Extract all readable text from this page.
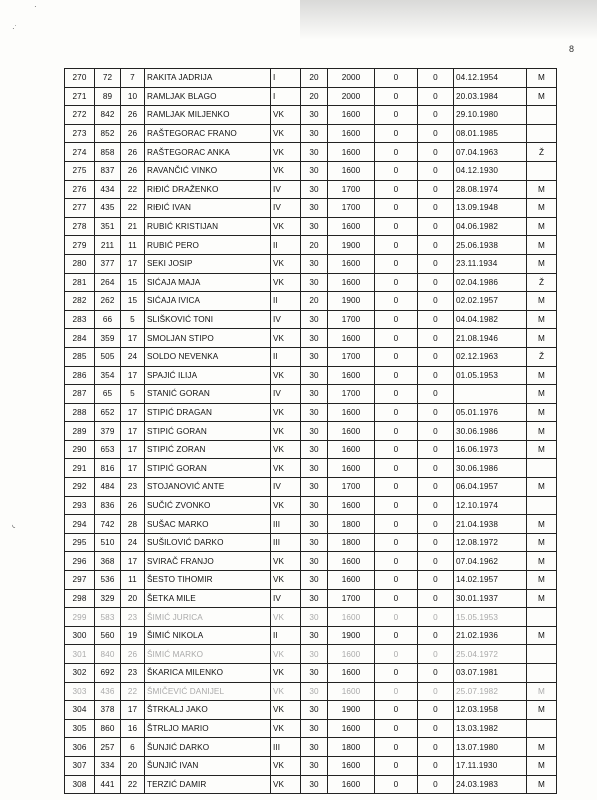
·
·˙
◟
8
270	72	7	RAKITA JADRIJA	I	20	2000	0	0	04.12.1954	M
271	89	10	RAMLJAK BLAGO	I	20	2000	0	0	20.03.1984	M
272	842	26	RAMLJAK MILJENKO	VK	30	1600	0	0	29.10.1980	
273	852	26	RAŠTEGORAC FRANO	VK	30	1600	0	0	08.01.1985	
274	858	26	RAŠTEGORAC ANKA	VK	30	1600	0	0	07.04.1963	Ž
275	837	26	RAVANČIĆ VINKO	VK	30	1600	0	0	04.12.1930	
276	434	22	RIĐIĆ DRAŽENKO	IV	30	1700	0	0	28.08.1974	M
277	435	22	RIĐIĆ IVAN	IV	30	1700	0	0	13.09.1948	M
278	351	21	RUBIĆ KRISTIJAN	VK	30	1600	0	0	04.06.1982	M
279	211	11	RUBIĆ PERO	II	20	1900	0	0	25.06.1938	M
280	377	17	SEKI JOSIP	VK	30	1600	0	0	23.11.1934	M
281	264	15	SIĆAJA MAJA	VK	30	1600	0	0	02.04.1986	Ž
282	262	15	SIĆAJA IVICA	II	20	1900	0	0	02.02.1957	M
283	66	5	SLIŠKOVIĆ TONI	IV	30	1700	0	0	04.04.1982	M
284	359	17	SMOLJAN STIPO	VK	30	1600	0	0	21.08.1946	M
285	505	24	SOLDO NEVENKA	II	30	1700	0	0	02.12.1963	Ž
286	354	17	SPAJIĆ ILIJA	VK	30	1600	0	0	01.05.1953	M
287	65	5	STANIĆ GORAN	IV	30	1700	0	0		M
288	652	17	STIPIĆ DRAGAN	VK	30	1600	0	0	05.01.1976	M
289	379	17	STIPIĆ GORAN	VK	30	1600	0	0	30.06.1986	M
290	653	17	STIPIĆ ZORAN	VK	30	1600	0	0	16.06.1973	M
291	816	17	STIPIĆ GORAN	VK	30	1600	0	0	30.06.1986	
292	484	23	STOJANOVIĆ ANTE	IV	30	1700	0	0	06.04.1957	M
293	836	26	SUČIĆ ZVONKO	VK	30	1600	0	0	12.10.1974	
294	742	28	SUŠAC MARKO	III	30	1800	0	0	21.04.1938	M
295	510	24	SUŠILOVIĆ DARKO	III	30	1800	0	0	12.08.1972	M
296	368	17	SVIRAČ FRANJO	VK	30	1600	0	0	07.04.1962	M
297	536	11	ŠESTO TIHOMIR	VK	30	1600	0	0	14.02.1957	M
298	329	20	ŠETKA MILE	IV	30	1700	0	0	30.01.1937	M
299	583	23	ŠIMIĆ JURICA	VK	30	1600	0	0	15.05.1953	
300	560	19	ŠIMIĆ NIKOLA	II	30	1900	0	0	21.02.1936	M
301	840	26	ŠIMIĆ MARKO	VK	30	1600	0	0	25.04.1972	
302	692	23	ŠKARICA MILENKO	VK	30	1600	0	0	03.07.1981	
303	436	22	ŠMIČEVIĆ DANIJEL	VK	30	1600	0	0	25.07.1982	M
304	378	17	ŠTRKALJ JAKO	VK	30	1900	0	0	12.03.1958	M
305	860	16	ŠTRLJO MARIO	VK	30	1600	0	0	13.03.1982	
306	257	6	ŠUNJIĆ DARKO	III	30	1800	0	0	13.07.1980	M
307	334	20	ŠUNJIĆ IVAN	VK	30	1600	0	0	17.11.1930	M
308	441	22	TERZIĆ DAMIR	VK	30	1600	0	0	24.03.1983	M
